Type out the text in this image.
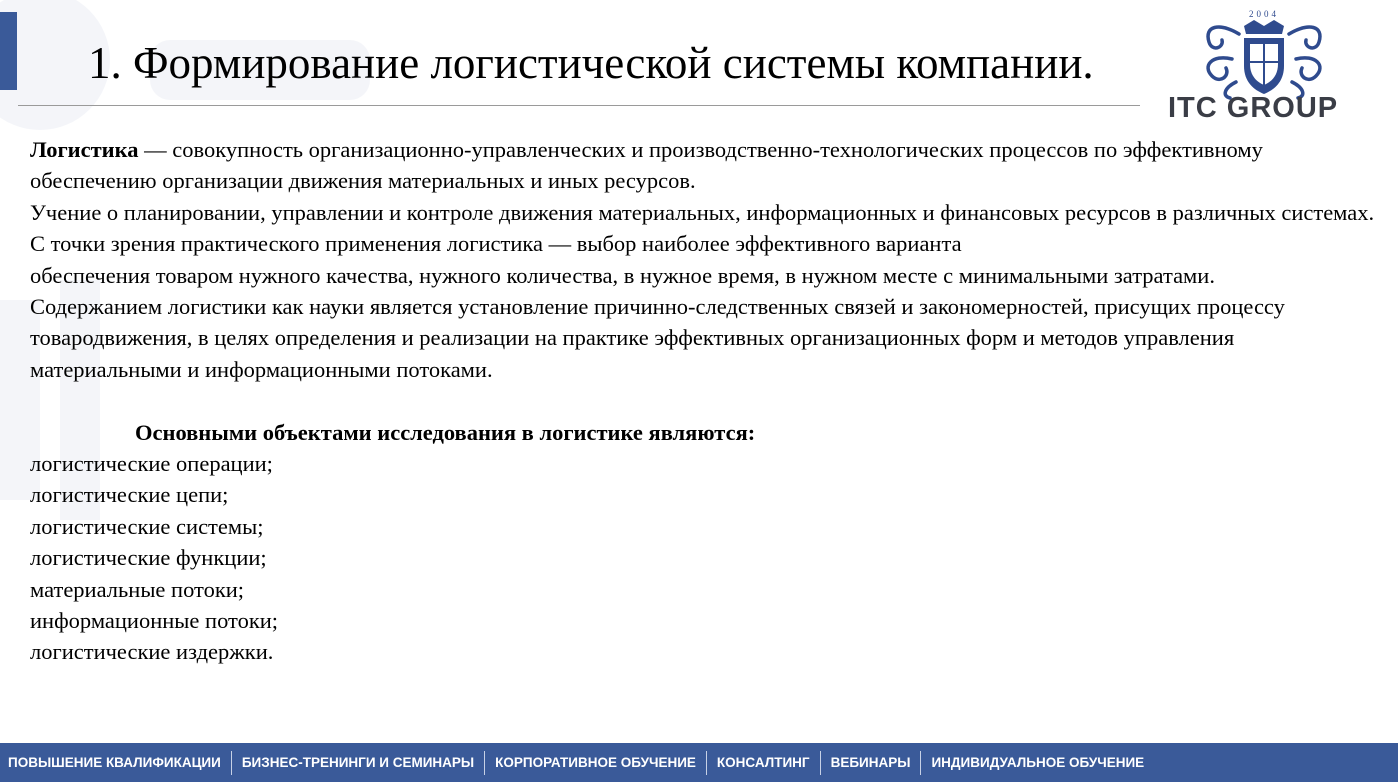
1. Формирование логистической системы компании.
2004
ITC GROUP

Логистика — совокупность организационно-управленческих и производственно-технологических процессов по эффективному обеспечению организации движения материальных и иных ресурсов.

Учение о планировании, управлении и контроле движения материальных, информационных и финансовых ресурсов в различных системах.

С точки зрения практического применения логистика — выбор наиболее эффективного варианта

обеспечения товаром нужного качества, нужного количества, в нужное время, в нужном месте с минимальными затратами.

Содержанием логистики как науки является установление причинно-следственных связей и закономерностей, присущих процессу товародвижения, в целях определения и реализации на практике эффективных организационных форм и методов управления материальными и информационными потоками.

Основными объектами исследования в логистике являются:

логистические операции;
логистические цепи;
логистические системы;
логистические функции;
материальные потоки;
информационные потоки;
логистические издержки.
ПОВЫШЕНИЕ КВАЛИФИКАЦИИ	БИЗНЕС-ТРЕНИНГИ И СЕМИНАРЫ	КОРПОРАТИВНОЕ ОБУЧЕНИЕ	КОНСАЛТИНГ	ВЕБИНАРЫ	ИНДИВИДУАЛЬНОЕ ОБУЧЕНИЕ
